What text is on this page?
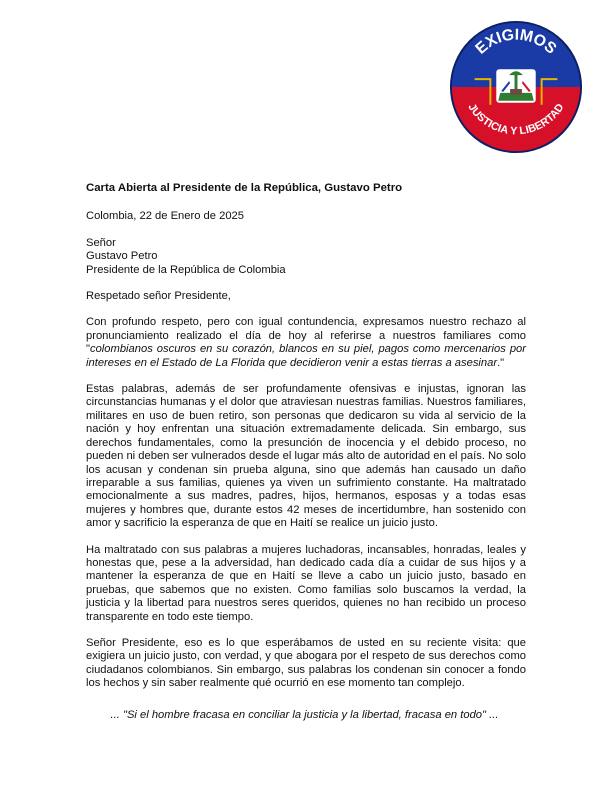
EXIGIMOS
JUSTICIA Y LIBERTAD
Carta Abierta al Presidente de la República, Gustavo Petro
Colombia, 22 de Enero de 2025
Señor
Gustavo Petro
Presidente de la República de Colombia
Respetado señor Presidente,
Con profundo respeto, pero con igual contundencia, expresamos nuestro rechazo al pronunciamiento realizado el día de hoy al referirse a nuestros familiares como "colombianos oscuros en su corazón, blancos en su piel, pagos como mercenarios por intereses en el Estado de La Florida que decidieron venir a estas tierras a asesinar."
Estas palabras, además de ser profundamente ofensivas e injustas, ignoran las circunstancias humanas y el dolor que atraviesan nuestras familias. Nuestros familiares, militares en uso de buen retiro, son personas que dedicaron su vida al servicio de la nación y hoy enfrentan una situación extremadamente delicada. Sin embargo, sus derechos fundamentales, como la presunción de inocencia y el debido proceso, no pueden ni deben ser vulnerados desde el lugar más alto de autoridad en el país. No solo los acusan y condenan sin prueba alguna, sino que además han causado un daño irreparable a sus familias, quienes ya viven un sufrimiento constante. Ha maltratado emocionalmente a sus madres, padres, hijos, hermanos, esposas y a todas esas mujeres y hombres que, durante estos 42 meses de incertidumbre, han sostenido con amor y sacrificio la esperanza de que en Haití se realice un juicio justo.
Ha maltratado con sus palabras a mujeres luchadoras, incansables, honradas, leales y honestas que, pese a la adversidad, han dedicado cada día a cuidar de sus hijos y a mantener la esperanza de que en Haití se lleve a cabo un juicio justo, basado en pruebas, que sabemos que no existen. Como familias solo buscamos la verdad, la justicia y la libertad para nuestros seres queridos, quienes no han recibido un proceso transparente en todo este tiempo.
Señor Presidente, eso es lo que esperábamos de usted en su reciente visita: que exigiera un juicio justo, con verdad, y que abogara por el respeto de sus derechos como ciudadanos colombianos. Sin embargo, sus palabras los condenan sin conocer a fondo los hechos y sin saber realmente qué ocurrió en ese momento tan complejo.
... "Si el hombre fracasa en conciliar la justicia y la libertad, fracasa en todo" ...
